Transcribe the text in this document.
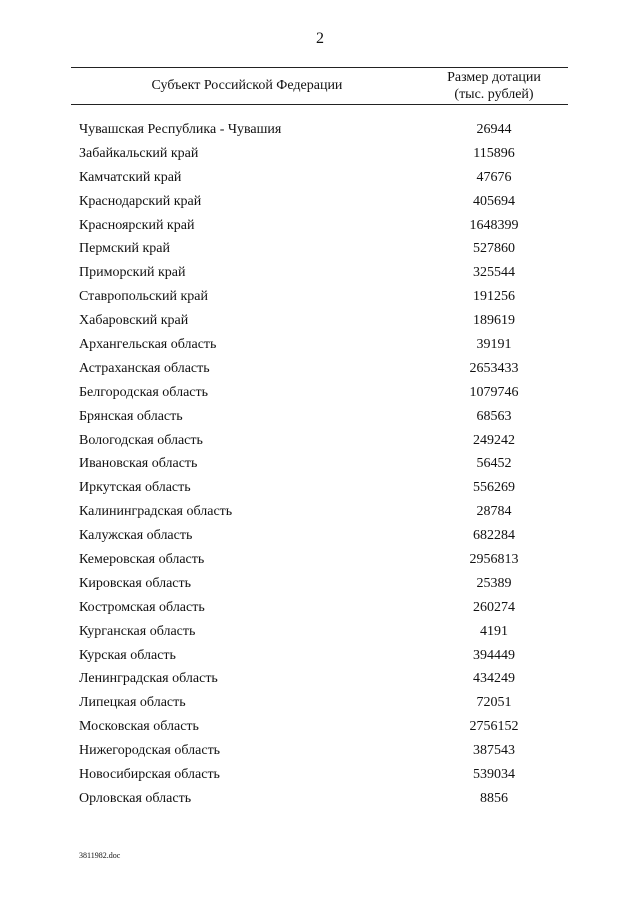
2
Субъект Российской Федерации
Размер дотации
(тыс. рублей)
Чувашская Республика - Чувашия	26944
Забайкальский край	115896
Камчатский край	47676
Краснодарский край	405694
Красноярский край	1648399
Пермский край	527860
Приморский край	325544
Ставропольский край	191256
Хабаровский край	189619
Архангельская область	39191
Астраханская область	2653433
Белгородская область	1079746
Брянская область	68563
Вологодская область	249242
Ивановская область	56452
Иркутская область	556269
Калининградская область	28784
Калужская область	682284
Кемеровская область	2956813
Кировская область	25389
Костромская область	260274
Курганская область	4191
Курская область	394449
Ленинградская область	434249
Липецкая область	72051
Московская область	2756152
Нижегородская область	387543
Новосибирская область	539034
Орловская область	8856
3811982.doc
